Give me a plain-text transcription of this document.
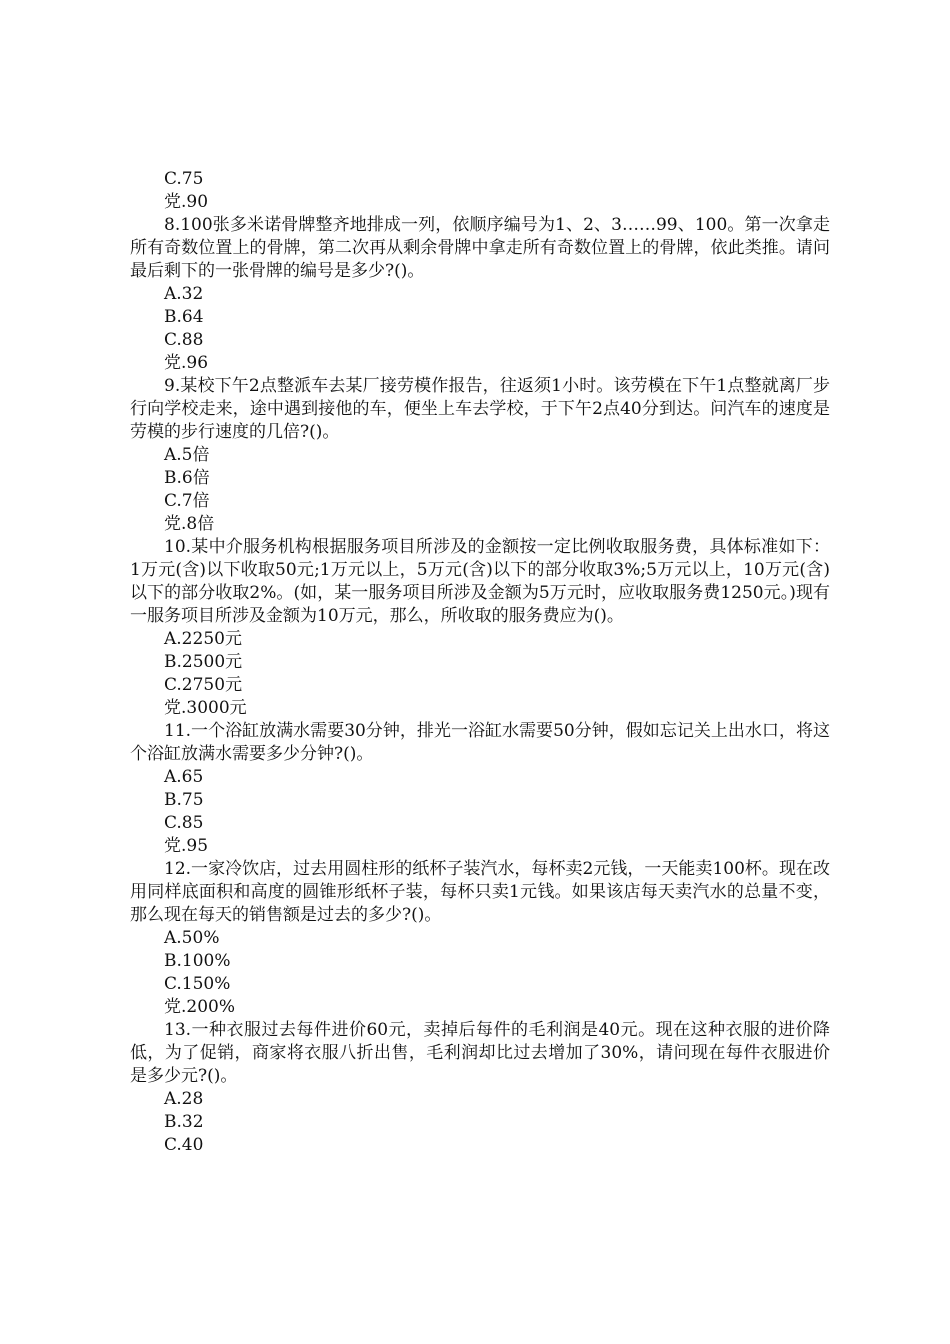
C.75

党.90

8.100张多米诺骨牌整齐地排成一列，依顺序编号为1、2、3……99、100。第一次拿走所有奇数位置上的骨牌，第二次再从剩余骨牌中拿走所有奇数位置上的骨牌，依此类推。请问最后剩下的一张骨牌的编号是多少?()。

A.32

B.64

C.88

党.96

9.某校下午2点整派车去某厂接劳模作报告，往返须1小时。该劳模在下午1点整就离厂步行向学校走来，途中遇到接他的车，便坐上车去学校，于下午2点40分到达。问汽车的速度是劳模的步行速度的几倍?()。

A.5倍

B.6倍

C.7倍

党.8倍

10.某中介服务机构根据服务项目所涉及的金额按一定比例收取服务费，具体标准如下：1万元(含)以下收取50元;1万元以上，5万元(含)以下的部分收取3%;5万元以上，10万元(含)以下的部分收取2%。(如，某一服务项目所涉及金额为5万元时，应收取服务费1250元。)现有一服务项目所涉及金额为10万元，那么，所收取的服务费应为()。

A.2250元

B.2500元

C.2750元

党.3000元

11.一个浴缸放满水需要30分钟，排光一浴缸水需要50分钟，假如忘记关上出水口，将这个浴缸放满水需要多少分钟?()。

A.65

B.75

C.85

党.95

12.一家冷饮店，过去用圆柱形的纸杯子装汽水，每杯卖2元钱，一天能卖100杯。现在改用同样底面积和高度的圆锥形纸杯子装，每杯只卖1元钱。如果该店每天卖汽水的总量不变，那么现在每天的销售额是过去的多少?()。

A.50%

B.100%

C.150%

党.200%

13.一种衣服过去每件进价60元，卖掉后每件的毛利润是40元。现在这种衣服的进价降低，为了促销，商家将衣服八折出售，毛利润却比过去增加了30%，请问现在每件衣服进价是多少元?()。

A.28

B.32

C.40
